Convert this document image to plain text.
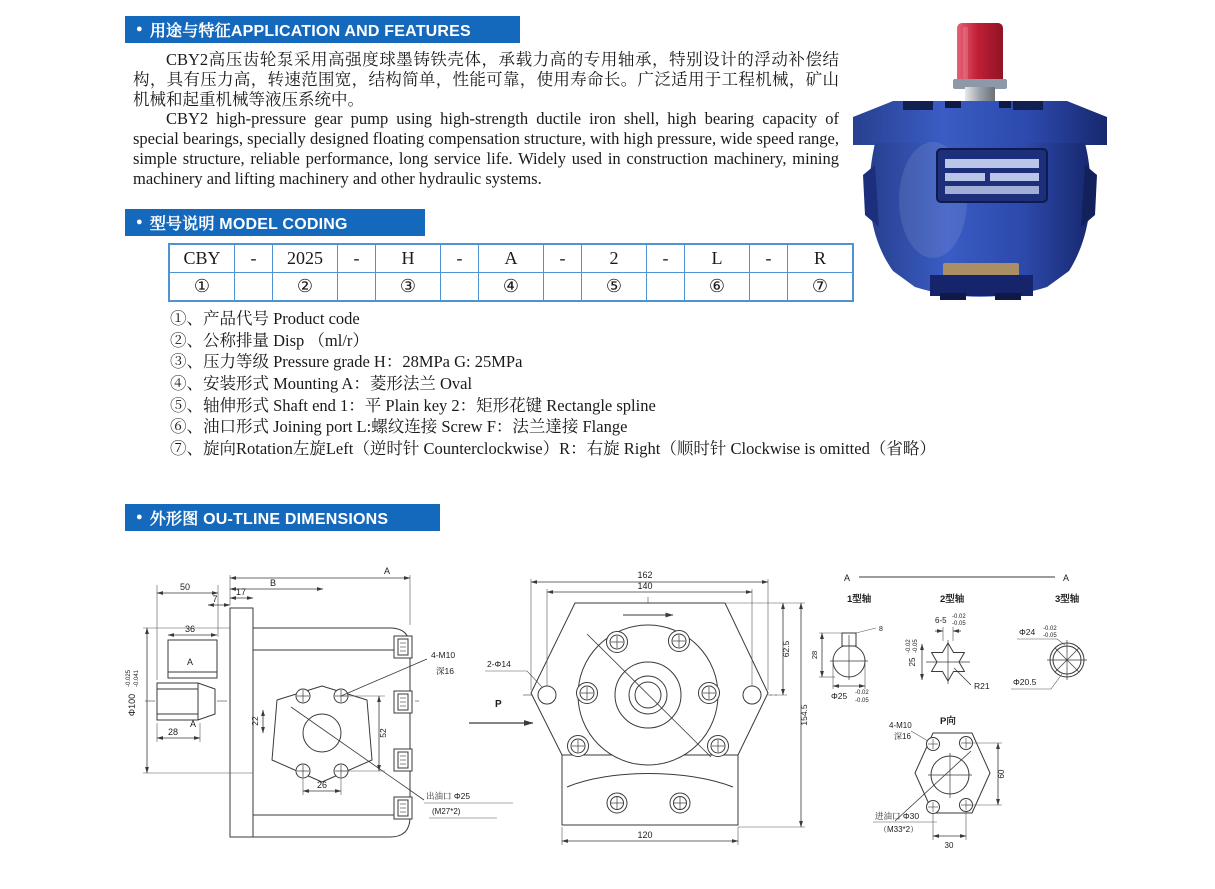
● 用途与特征APPLICATION AND FEATURES

CBY2高压齿轮泵采用高强度球墨铸铁壳体，承载力高的专用轴承，特别设计的浮动补偿结构，具有压力高，转速范围宽，结构简单，性能可靠，使用寿命长。广泛适用于工程机械，矿山机械和起重机械等液压系统中。

CBY2 high-pressure gear pump using high-strength ductile iron shell, high bearing capacity of special bearings, specially designed floating compensation structure, with high pressure, wide speed range, simple structure, reliable performance, long service life. Widely used in construction machinery, mining machinery and lifting machinery and other hydraulic systems.

● 型号说明 MODEL CODING
CBY	-	2025	-	H	-	A	-	2	-	L	-	R
①		②		③		④		⑤		⑥		⑦
①、产品代号 Product code
②、公称排量 Disp （ml/r）
③、压力等级 Pressure grade H：28MPa G: 25MPa
④、安装形式 Mounting A：菱形法兰 Oval
⑤、轴伸形式 Shaft end 1：平 Plain key 2：矩形花键 Rectangle spline
⑥、油口形式 Joining port L:螺纹连接 Screw F：法兰達接 Flange
⑦、旋向Rotation左旋Left（逆时针 Counterclockwise）R：右旋 Right（顺时针 Clockwise is omitted（省略）
● 外形图 OU-TLINE DIMENSIONS
A
B
50
7
17
36
A
A
28
Φ100
-0.025 -0.041
22
52
26
4-M10
深16
出油口 Φ25
(M27*2)
162
140
62.5
154.5
120
2-Φ14
P
A	A
1型轴	2型轴	3型轴
8
28
Φ25 -0.02
-0.05
R21
6-5 -0.02
-0.05
25
-0.02 -0.05
Φ24 -0.02
-0.05
Φ20.5
P向
4-M10
深16
进油口 Φ30
（M33*2）
60
30
